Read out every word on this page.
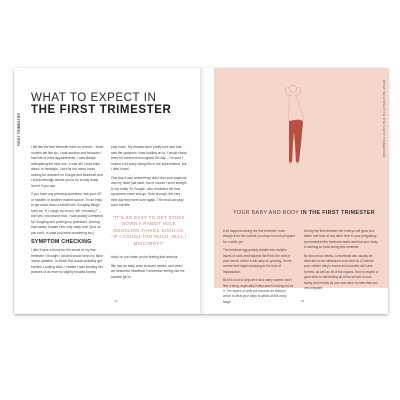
FIRST TRIMESTER
WHAT TO EXPECT IN
THE FIRST TRIMESTER

I felt like the first trimester went on forever – three months felt like six. I was anxious and because I had lots of extra appointments, I was always anticipating the next one. It was all I could think about. In hindsight, I lost far too many hours looking for answers on Google and Mumsnet and I would strongly advise you to try to stay away from it if you can.

If you have any pressing questions, ask your GP or midwife or another trusted source. It's so easy to get stuck down a rabbit hole Googling things such as, "If I cough too much, will I miscarry?" – and yes I did search that. I was quickly comforted by Googling and posting my questions, proving that clearly it wasn't the only crazy one! (And no you can't, in case you were wondering too.)

SYMPTOM CHECKING

I didn't have a bump for the whole of my first trimester. I thought I did and would send my Mum 'bump updates', to which she would probably get excited. Looking back, I realise I was sending her pictures of an ever so slightly bloated tummy

post lunch. My breasts were pretty sore and that was the symptom I was holding on to. I would check them for soreness throughout the day – I'm sure I looked a bit crazy doing this in the supermarket, but I didn't care!

One day it was certain they didn't feel sore anymore and my heart just sank, but of course I went straight to my trusty 'Dr Google', who reminded me that symptoms come and go. Sure enough, the very next day they were sore again. The mind can play such horrible

"IT'S SO EASY TO GET STUCK DOWN A RABBIT HOLE GOOGLING THINGS SUCH AS, "IF I COUGH TOO MUCH, WILL I MISCARRY?"

tricks on you when you're feeling that anxious.

We had an early scan at seven weeks, and when we heard the heartbeat I remember feeling like the luckiest girl in

44
WHAT TO EXPECT IN THE FIRST TRIMESTER
YOUR BABY AND BODY IN THE FIRST TRIMESTER

A lot happens during the first trimester, even though from the outside you may not look pregnant for a while yet.

The fertilised egg quickly divides into multiple layers of cells and implants itself into the wall of your womb, where it will carry on growing. Some women feel slight cramping at the time of implantation.

But it's hard to pinpoint it and many women don't feel a thing, especially if they aren't looking out for it. The layers of cells will become an embryo, which is what your baby is called at this early stage.

During the first trimester the embryo will grow at a faster rate than at any other time in your pregnancy, so remember the tiredness-tasks and that your body is working so hard during this trimester.

By around six weeks, a heartbeat can usually be detected on an ultrasound scan and by 12 weeks your unborn baby's bones and muscles will have formed, as well as all of the organs. Now is maybe a good time to start telling all of the people of your family and friends as you now have no idea that you are pregnant.

45
